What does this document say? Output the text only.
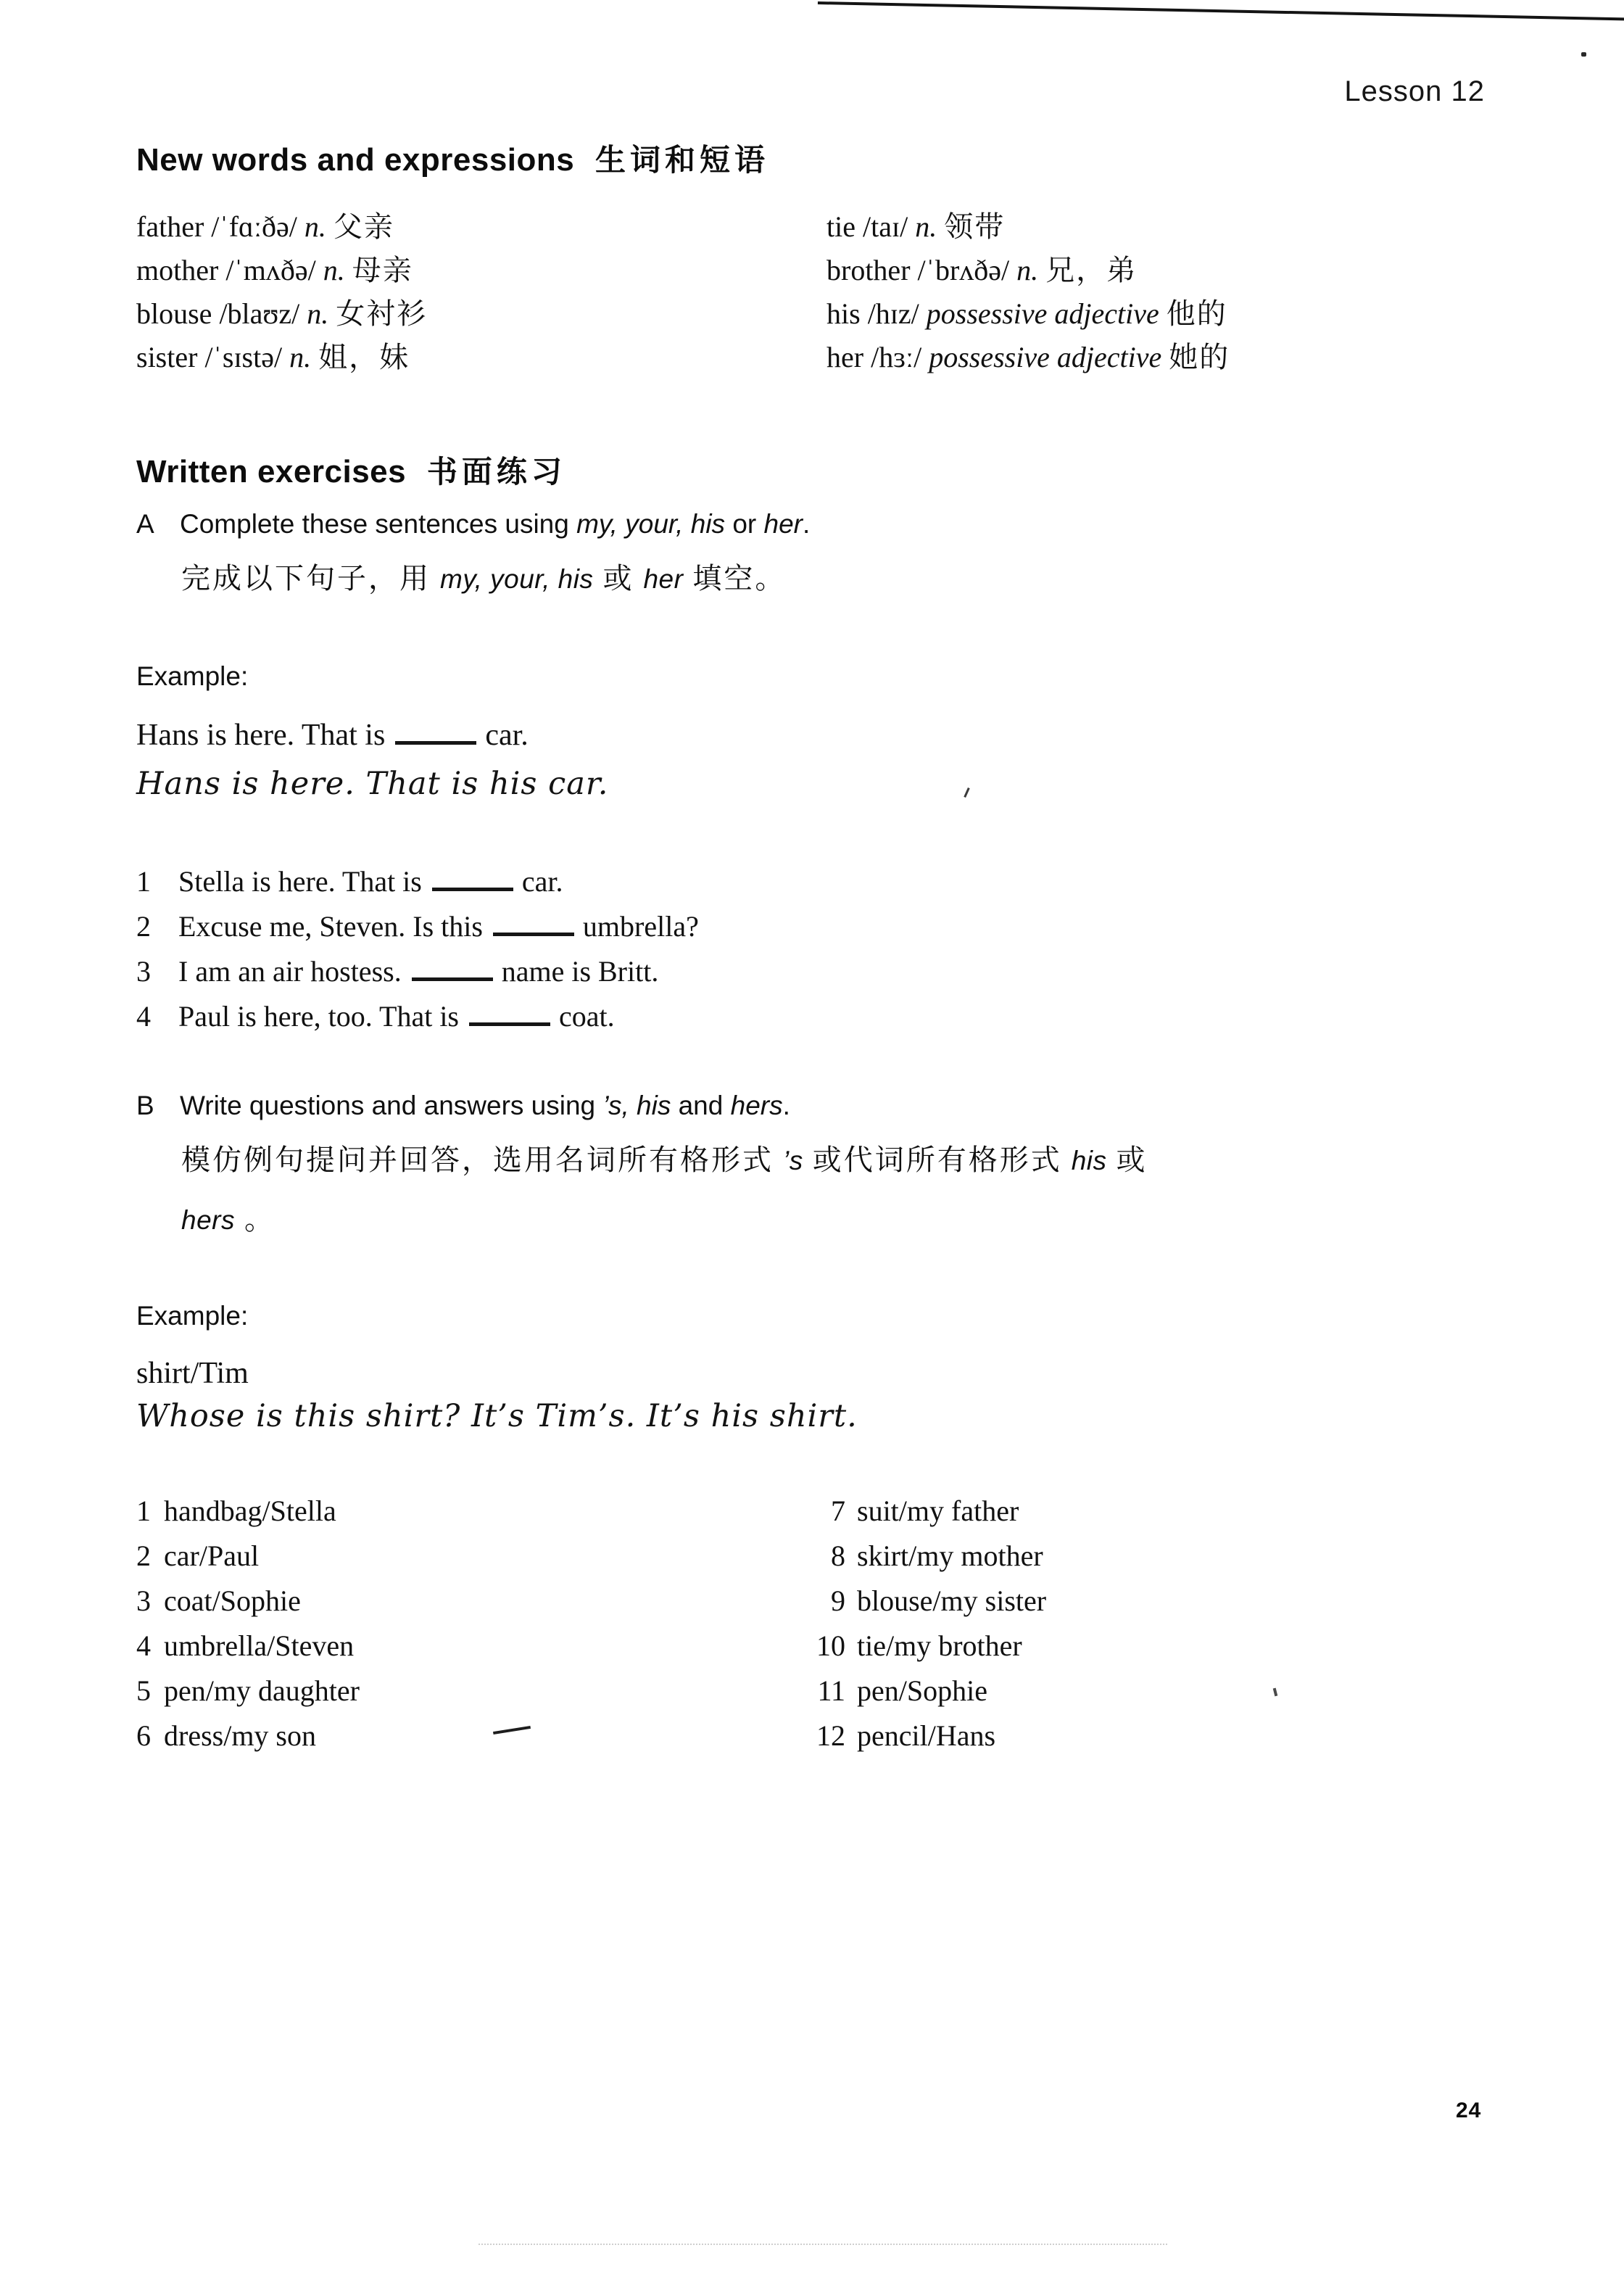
Lesson 12
New words and expressions 生词和短语
father /ˈfɑːðə/ n. 父亲
mother /ˈmʌðə/ n. 母亲
blouse /blaʊz/ n. 女衬衫
sister /ˈsɪstə/ n. 姐，妹
tie /taɪ/ n. 领带
brother /ˈbrʌðə/ n. 兄，弟
his /hɪz/ possessive adjective 他的
her /hɜː/ possessive adjective 她的
Written exercises 书面练习
A Complete these sentences using my, your, his or her.
完成以下句子，用 my, your, his 或 her 填空。
Example:
Hans is here. That is	car.
Hans is here. That is his car.
1 Stella is here. That is	car.
2 Excuse me, Steven. Is this	umbrella?
3 I am an air hostess.	name is Britt.
4 Paul is here, too. That is	coat.
B Write questions and answers using ’s, his and hers.
模仿例句提问并回答，选用名词所有格形式 ’s 或代词所有格形式 his 或
hers 。
Example:
shirt/Tim
Whose is this shirt? It’s Tim’s. It’s his shirt.
1 handbag/Stella
2 car/Paul
3 coat/Sophie
4 umbrella/Steven
5 pen/my daughter
6 dress/my son
7 suit/my father
8 skirt/my mother
9 blouse/my sister
10 tie/my brother
11 pen/Sophie
12 pencil/Hans
24
